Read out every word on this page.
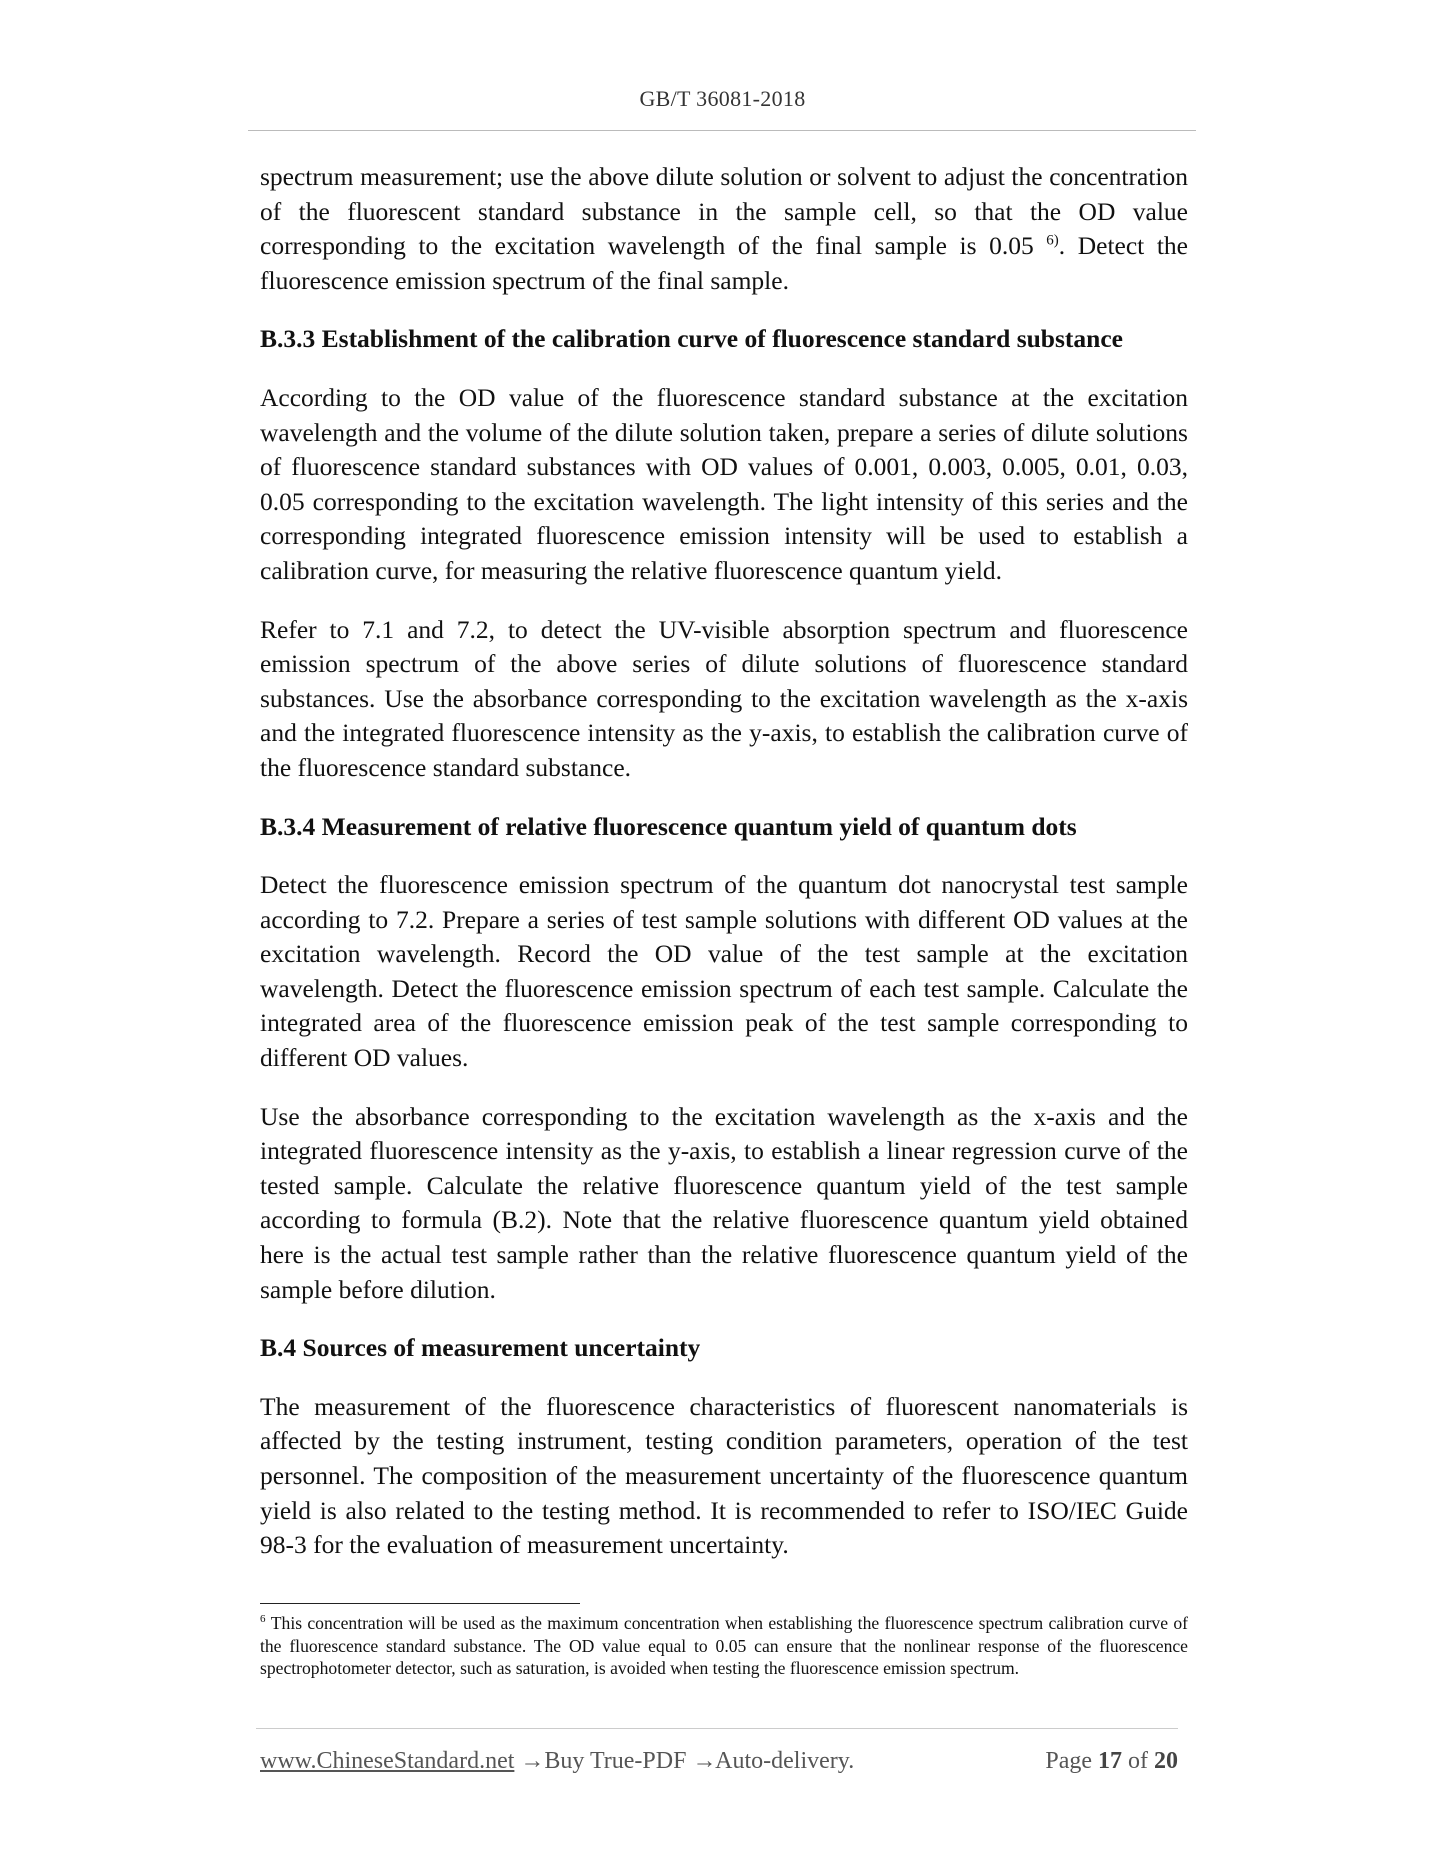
GB/T 36081-2018

spectrum measurement; use the above dilute solution or solvent to adjust the concentration of the fluorescent standard substance in the sample cell, so that the OD value corresponding to the excitation wavelength of the final sample is 0.05 $^{6)}$. Detect the fluorescence emission spectrum of the final sample.

B.3.3 Establishment of the calibration curve of fluorescence standard substance

According to the OD value of the fluorescence standard substance at the excitation wavelength and the volume of the dilute solution taken, prepare a series of dilute solutions of fluorescence standard substances with OD values of 0.001, 0.003, 0.005, 0.01, 0.03, 0.05 corresponding to the excitation wavelength. The light intensity of this series and the corresponding integrated fluorescence emission intensity will be used to establish a calibration curve, for measuring the relative fluorescence quantum yield.

Refer to 7.1 and 7.2, to detect the UV-visible absorption spectrum and fluorescence emission spectrum of the above series of dilute solutions of fluorescence standard substances. Use the absorbance corresponding to the excitation wavelength as the x-axis and the integrated fluorescence intensity as the y-axis, to establish the calibration curve of the fluorescence standard substance.

B.3.4 Measurement of relative fluorescence quantum yield of quantum dots

Detect the fluorescence emission spectrum of the quantum dot nanocrystal test sample according to 7.2. Prepare a series of test sample solutions with different OD values at the excitation wavelength. Record the OD value of the test sample at the excitation wavelength. Detect the fluorescence emission spectrum of each test sample. Calculate the integrated area of the fluorescence emission peak of the test sample corresponding to different OD values.

Use the absorbance corresponding to the excitation wavelength as the x-axis and the integrated fluorescence intensity as the y-axis, to establish a linear regression curve of the tested sample. Calculate the relative fluorescence quantum yield of the test sample according to formula (B.2). Note that the relative fluorescence quantum yield obtained here is the actual test sample rather than the relative fluorescence quantum yield of the sample before dilution.

B.4 Sources of measurement uncertainty

The measurement of the fluorescence characteristics of fluorescent nanomaterials is affected by the testing instrument, testing condition parameters, operation of the test personnel. The composition of the measurement uncertainty of the fluorescence quantum yield is also related to the testing method. It is recommended to refer to ISO/IEC Guide 98-3 for the evaluation of measurement uncertainty.

$^6$ This concentration will be used as the maximum concentration when establishing the fluorescence spectrum calibration curve of the fluorescence standard substance. The OD value equal to 0.05 can ensure that the nonlinear response of the fluorescence spectrophotometer detector, such as saturation, is avoided when testing the fluorescence emission spectrum.
www.ChineseStandard.net → Buy True-PDF → Auto-delivery.	Page 17 of 20
